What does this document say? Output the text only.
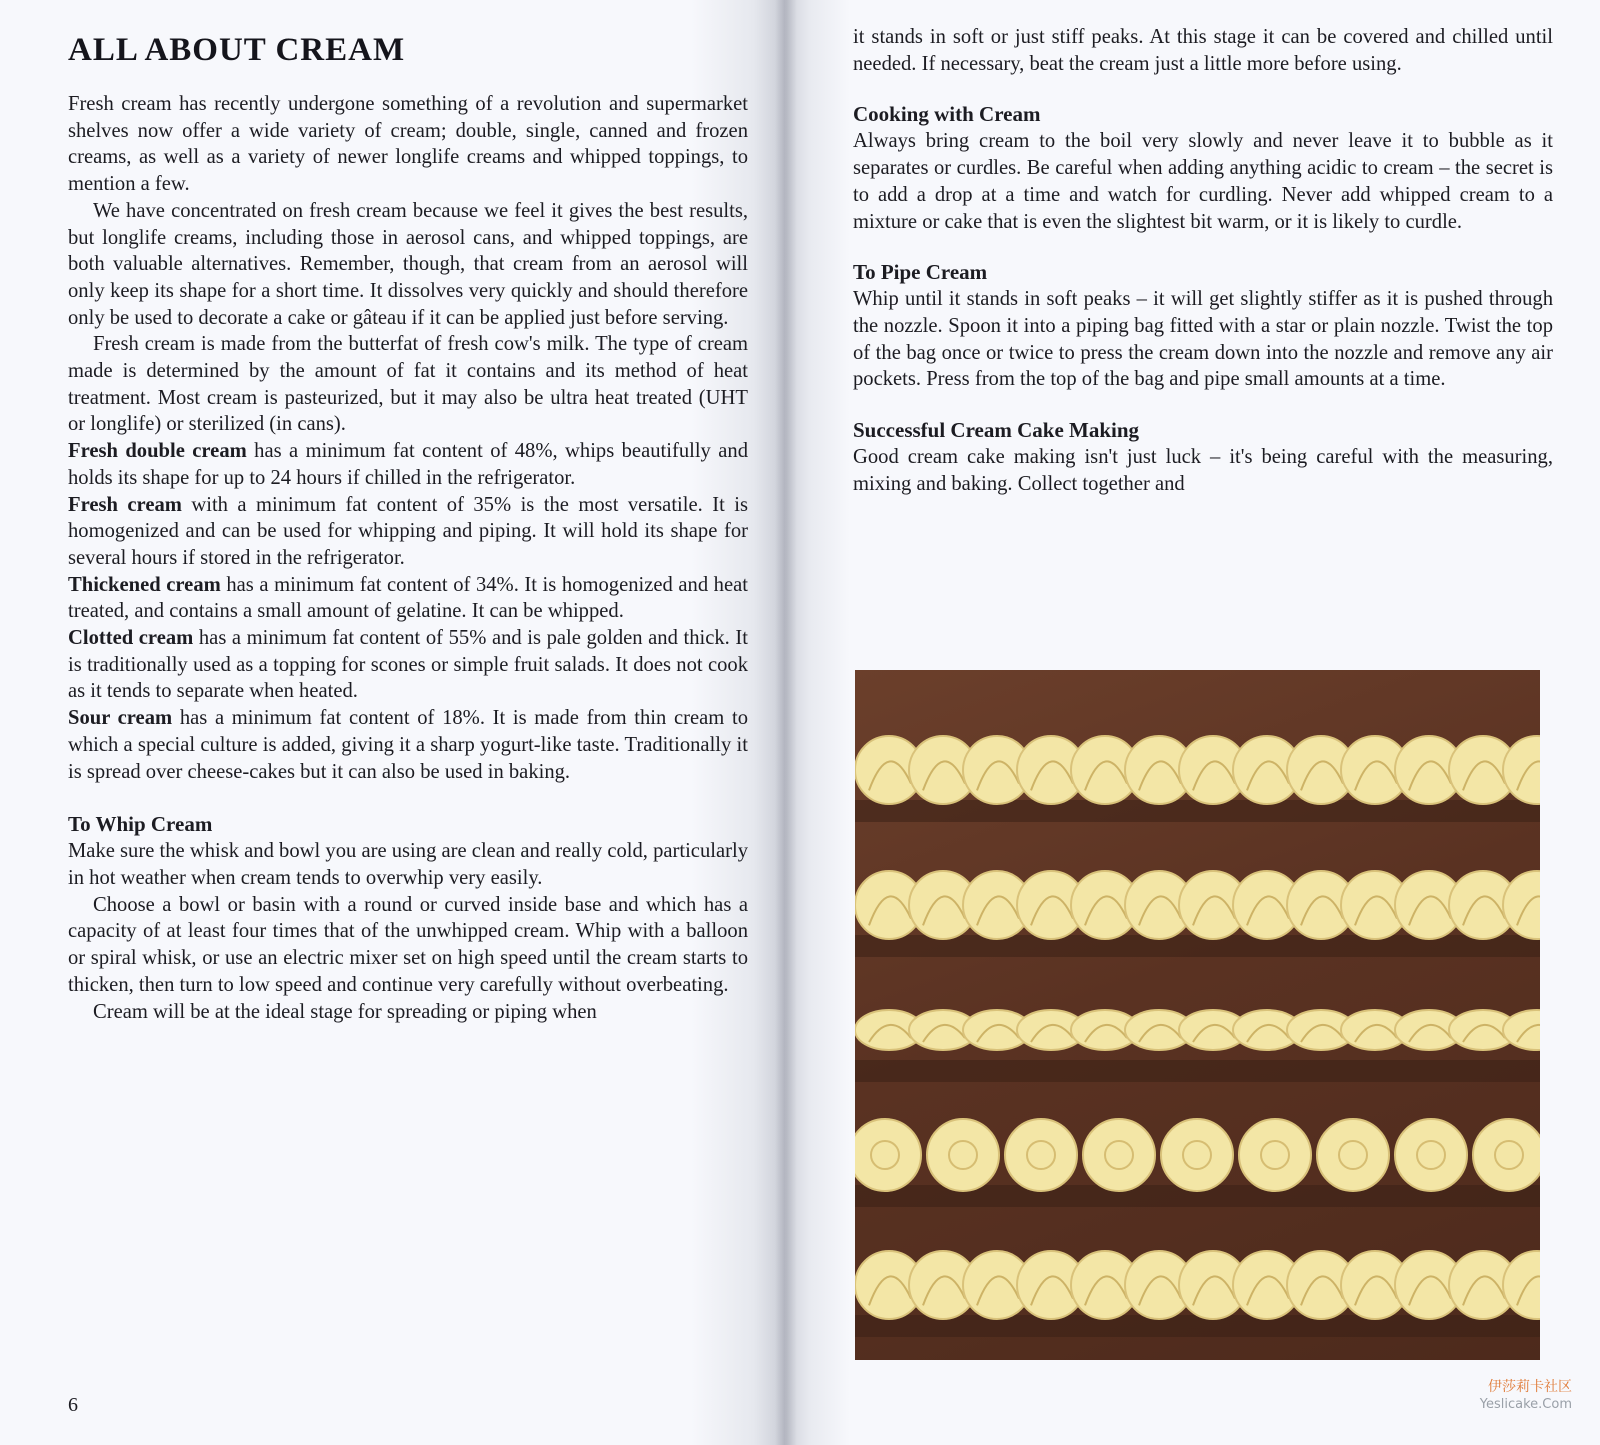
ALL ABOUT CREAM

Fresh cream has recently undergone something of a revolution and supermarket shelves now offer a wide variety of cream; double, single, canned and frozen creams, as well as a variety of newer longlife creams and whipped toppings, to mention a few.

We have concentrated on fresh cream because we feel it gives the best results, but longlife creams, including those in aerosol cans, and whipped toppings, are both valuable alternatives. Remember, though, that cream from an aerosol will only keep its shape for a short time. It dissolves very quickly and should therefore only be used to decorate a cake or gâteau if it can be applied just before serving.

Fresh cream is made from the butterfat of fresh cow's milk. The type of cream made is determined by the amount of fat it contains and its method of heat treatment. Most cream is pasteurized, but it may also be ultra heat treated (UHT or longlife) or sterilized (in cans).

Fresh double cream has a minimum fat content of 48%, whips beautifully and holds its shape for up to 24 hours if chilled in the refrigerator.

Fresh cream with a minimum fat content of 35% is the most versatile. It is homogenized and can be used for whipping and piping. It will hold its shape for several hours if stored in the refrigerator.

Thickened cream has a minimum fat content of 34%. It is homogenized and heat treated, and contains a small amount of gelatine. It can be whipped.

Clotted cream has a minimum fat content of 55% and is pale golden and thick. It is traditionally used as a topping for scones or simple fruit salads. It does not cook as it tends to separate when heated.

Sour cream has a minimum fat content of 18%. It is made from thin cream to which a special culture is added, giving it a sharp yogurt-like taste. Traditionally it is spread over cheese-cakes but it can also be used in baking.

To Whip Cream

Make sure the whisk and bowl you are using are clean and really cold, particularly in hot weather when cream tends to overwhip very easily.

Choose a bowl or basin with a round or curved inside base and which has a capacity of at least four times that of the unwhipped cream. Whip with a balloon or spiral whisk, or use an electric mixer set on high speed until the cream starts to thicken, then turn to low speed and continue very carefully without overbeating.

Cream will be at the ideal stage for spreading or piping when

6

it stands in soft or just stiff peaks. At this stage it can be covered and chilled until needed. If necessary, beat the cream just a little more before using.

Cooking with Cream

Always bring cream to the boil very slowly and never leave it to bubble as it separates or curdles. Be careful when adding anything acidic to cream – the secret is to add a drop at a time and watch for curdling. Never add whipped cream to a mixture or cake that is even the slightest bit warm, or it is likely to curdle.

To Pipe Cream

Whip until it stands in soft peaks – it will get slightly stiffer as it is pushed through the nozzle. Spoon it into a piping bag fitted with a star or plain nozzle. Twist the top of the bag once or twice to press the cream down into the nozzle and remove any air pockets. Press from the top of the bag and pipe small amounts at a time.

Successful Cream Cake Making

Good cream cake making isn't just luck – it's being careful with the measuring, mixing and baking. Collect together and

伊莎莉卡社区
Yeslicake.Com
